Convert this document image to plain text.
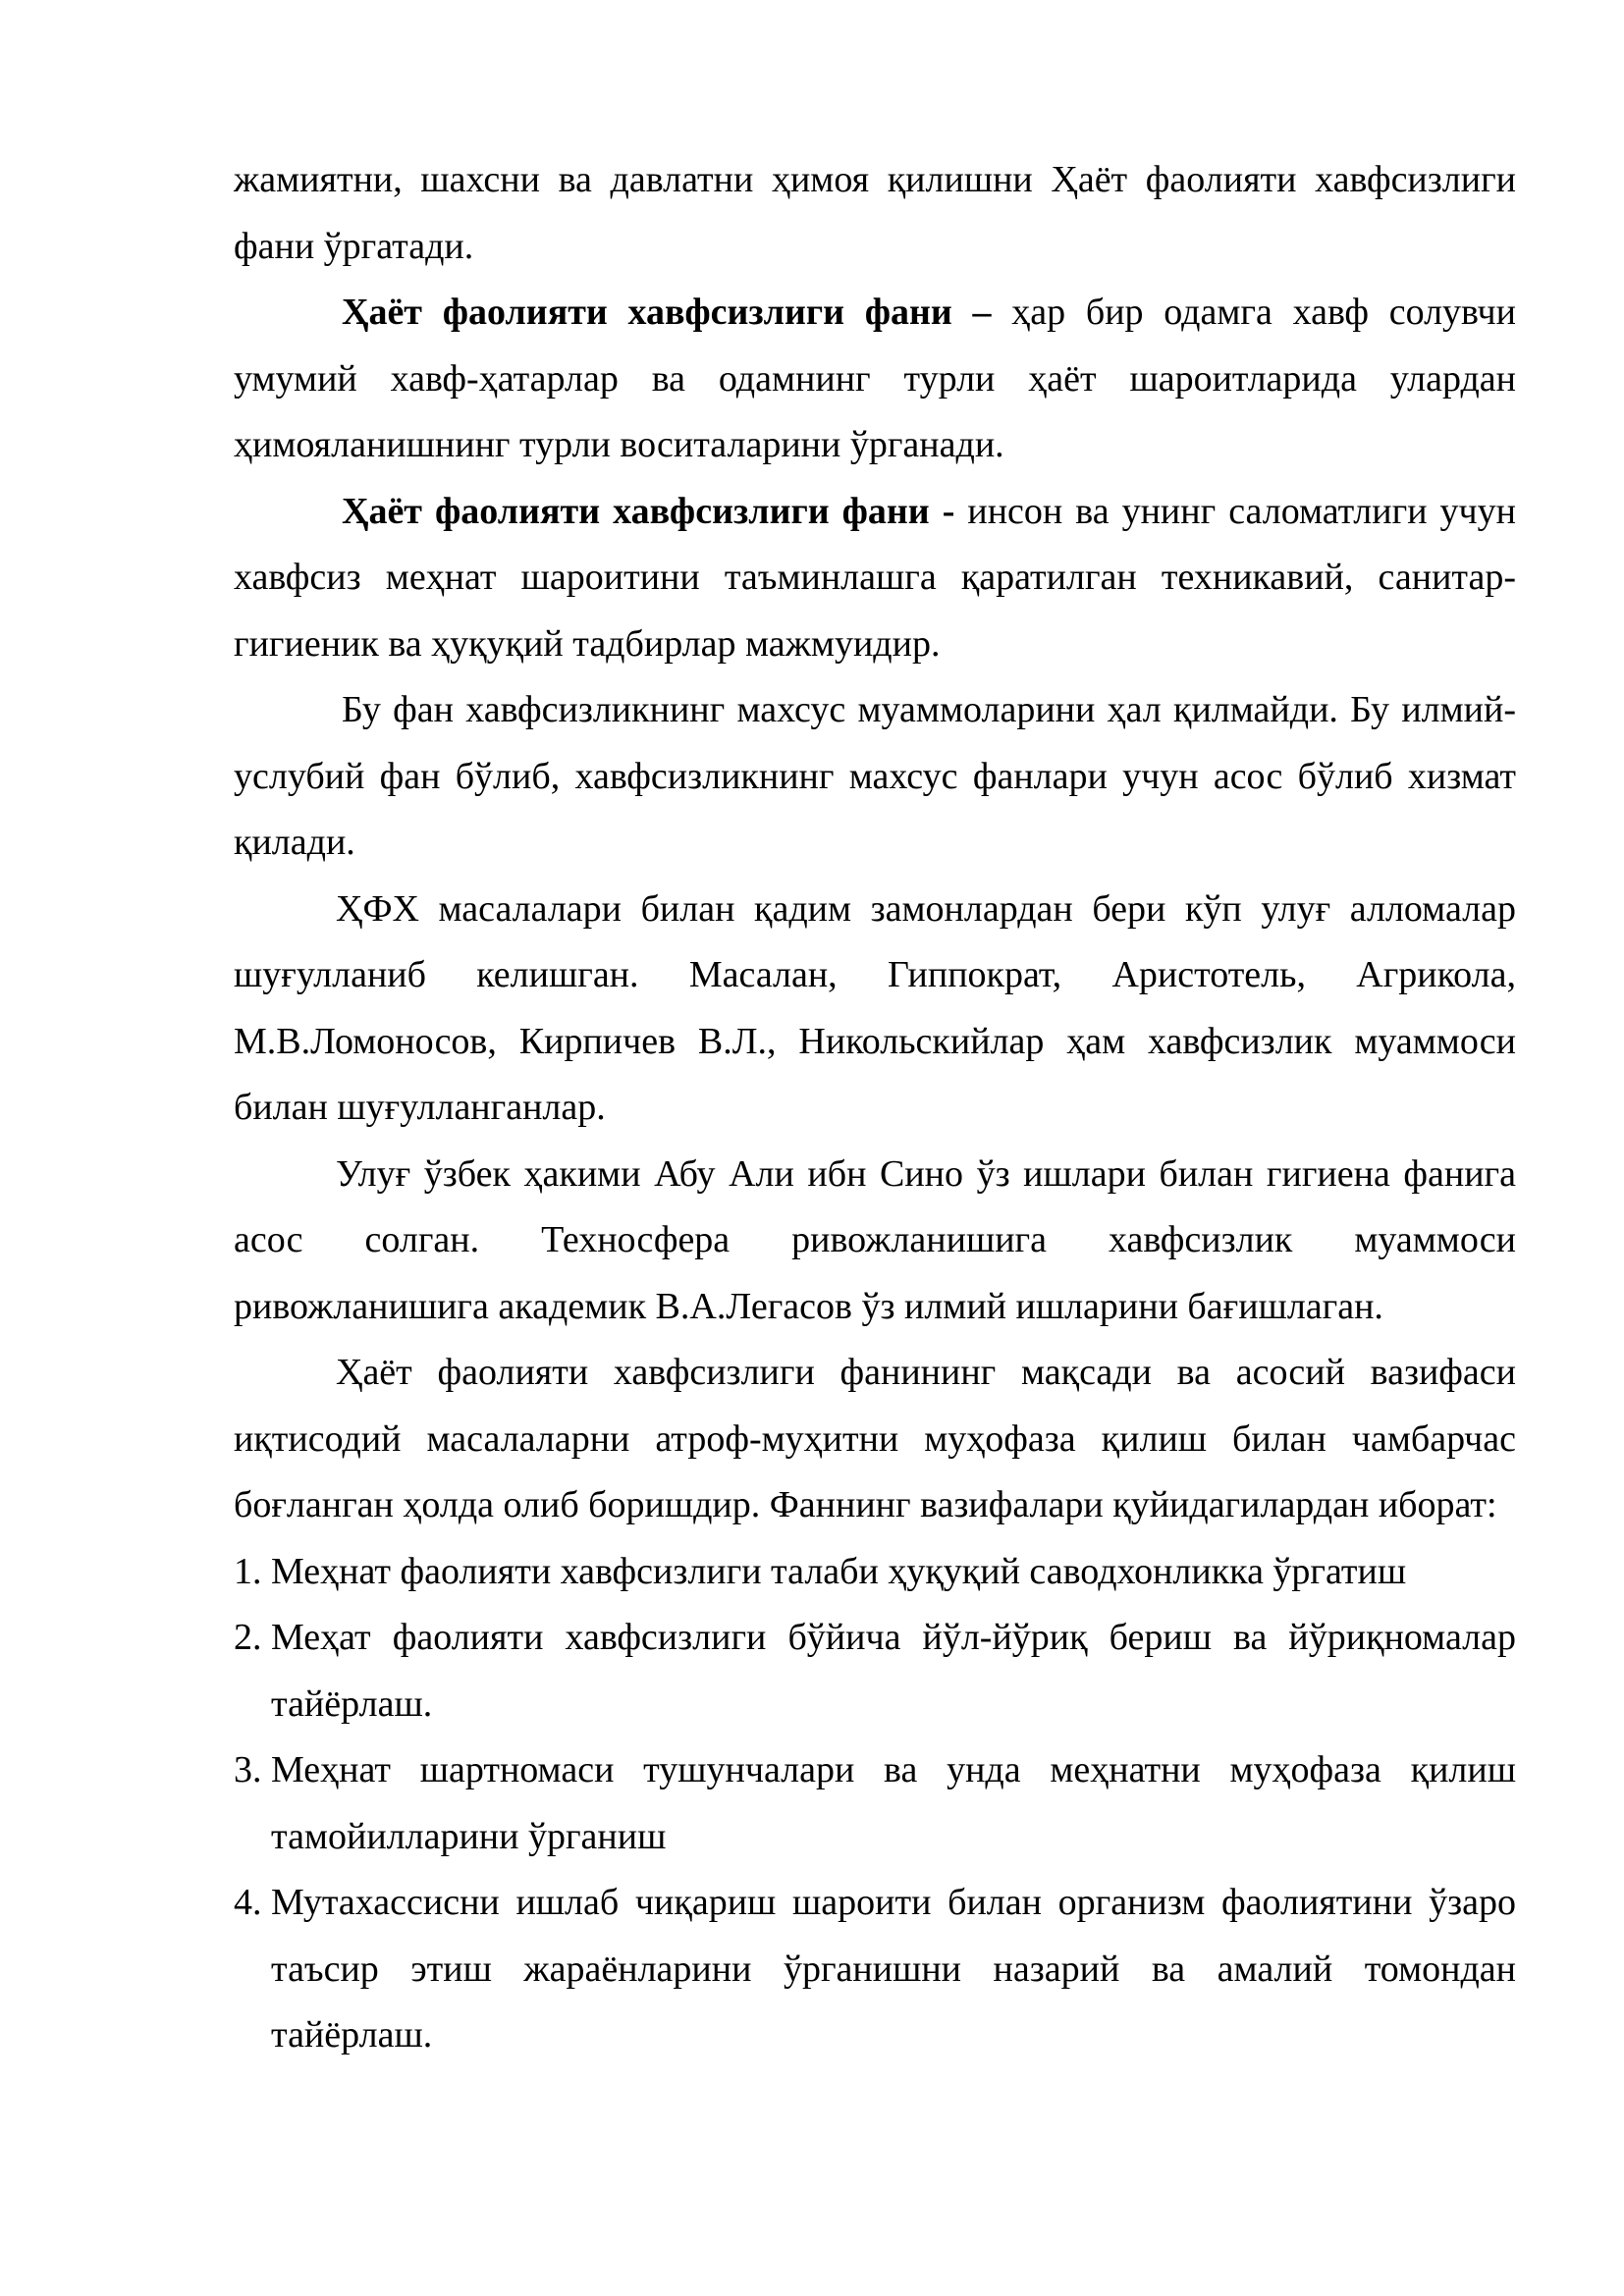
жамиятни, шахсни ва давлатни ҳимоя қилишни Ҳаёт фаолияти хавфсизлиги фани ўргатади.

Ҳаёт фаолияти хавфсизлиги фани – ҳар бир одамга хавф солувчи умумий хавф-ҳатарлар ва одамнинг турли ҳаёт шароитларида улардан ҳимояланишнинг турли воситаларини ўрганади.

Ҳаёт фаолияти хавфсизлиги фани - инсон ва унинг саломатлиги учун хавфсиз меҳнат шароитини таъминлашга қаратилган техникавий, санитар-гигиеник ва ҳуқуқий тадбирлар мажмуидир.

Бу фан хавфсизликнинг махсус муаммоларини ҳал қилмайди. Бу илмий-услубий фан бўлиб, хавфсизликнинг махсус фанлари учун асос бўлиб хизмат қилади.

ҲФХ масалалари билан қадим замонлардан бери кўп улуғ алломалар шуғулланиб келишган. Масалан, Гиппократ, Аристотель, Агрикола, М.В.Ломоносов, Кирпичев В.Л., Никольскийлар ҳам хавфсизлик муаммоси билан шуғулланганлар.

Улуғ ўзбек ҳакими Абу Али ибн Сино ўз ишлари билан гигиена фанига асос солган. Техносфера ривожланишига хавфсизлик муаммоси ривожланишига академик В.А.Легасов ўз илмий ишларини бағишлаган.

Ҳаёт фаолияти хавфсизлиги фанининг мақсади ва асосий вазифаси иқтисодий масалаларни атроф-муҳитни муҳофаза қилиш билан чамбарчас боғланган ҳолда олиб боришдир. Фаннинг вазифалари қуйидагилардан иборат:

1. Меҳнат фаолияти хавфсизлиги талаби ҳуқуқий саводхонликка ўргатиш
2. Меҳат фаолияти хавфсизлиги бўйича йўл-йўриқ бериш ва йўриқномалар тайёрлаш.
3. Меҳнат шартномаси тушунчалари ва унда меҳнатни муҳофаза қилиш тамойилларини ўрганиш
4. Мутахассисни ишлаб чиқариш шароити билан организм фаолиятини ўзаро таъсир этиш жараёнларини ўрганишни назарий ва амалий томондан тайёрлаш.
